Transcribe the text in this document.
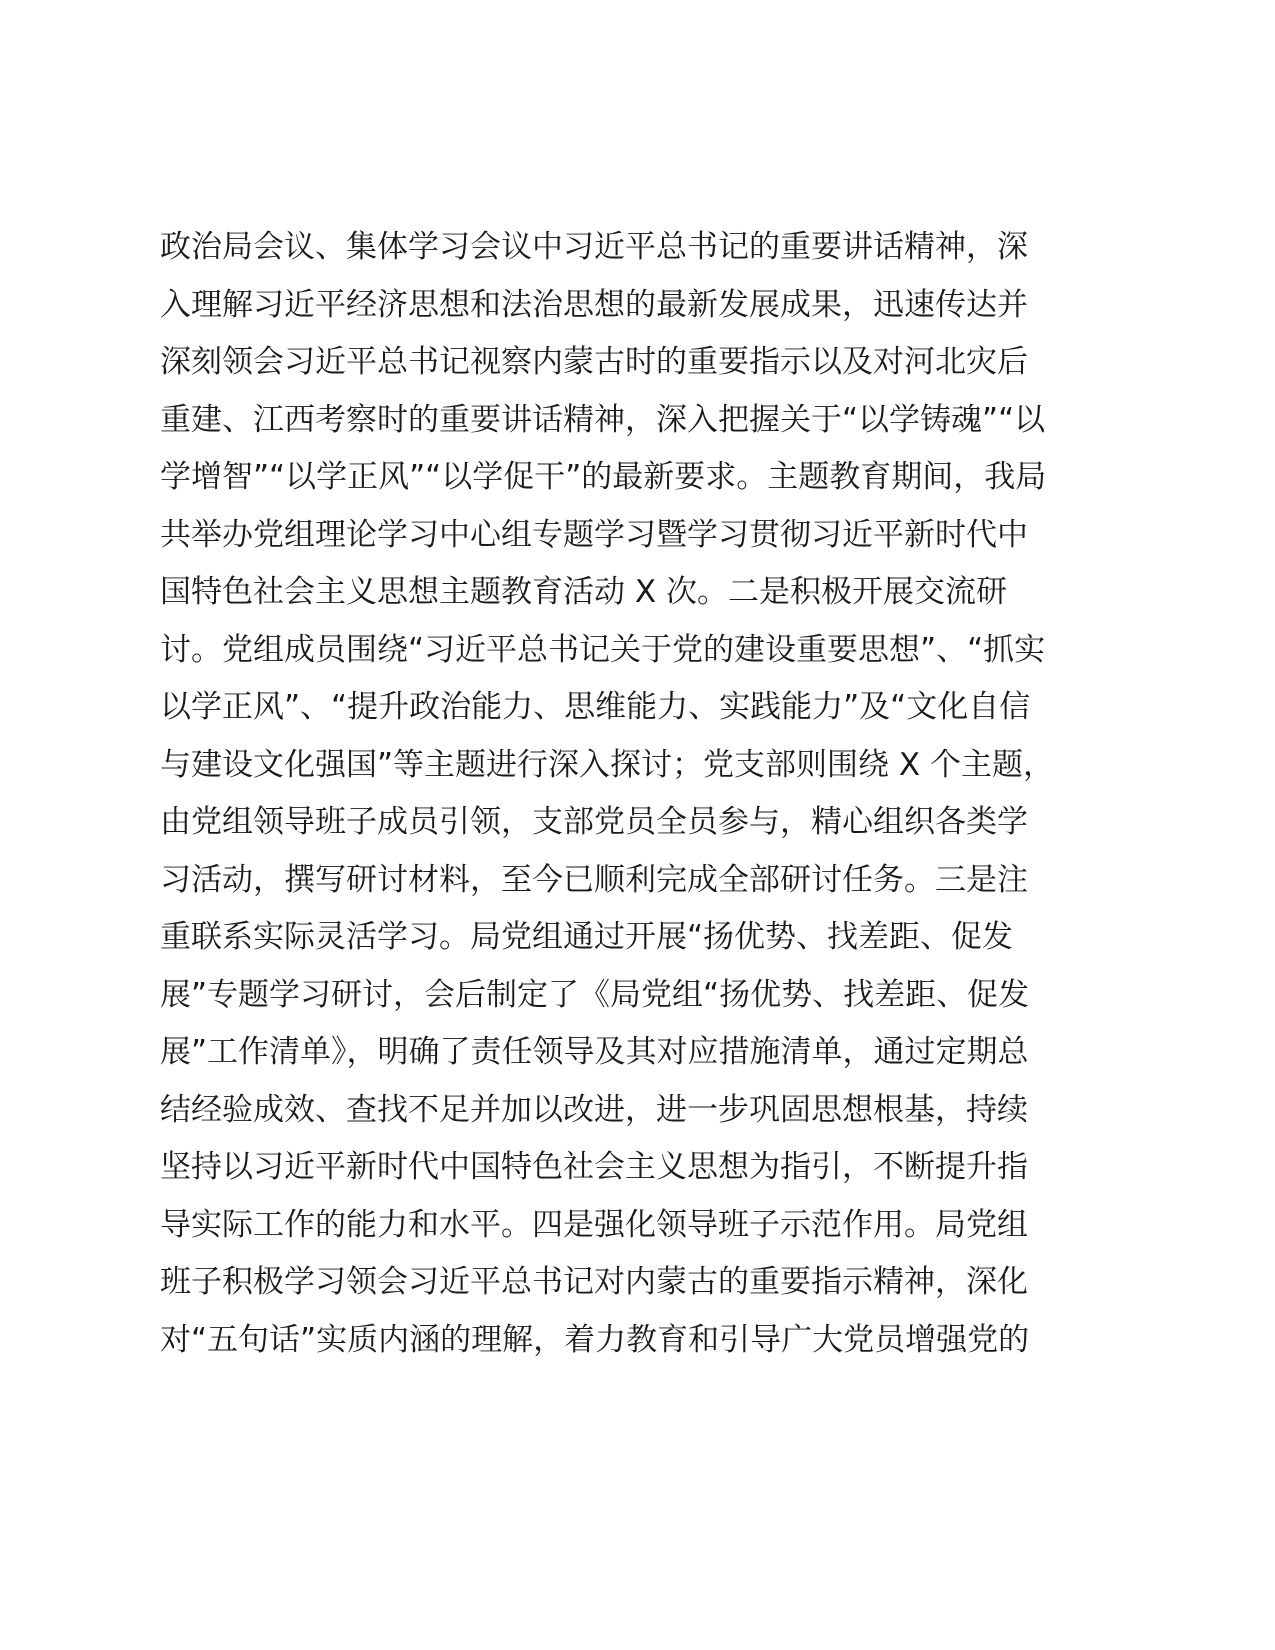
政治局会议、集体学习会议中习近平总书记的重要讲话精神，深
入理解习近平经济思想和法治思想的最新发展成果，迅速传达并
深刻领会习近平总书记视察内蒙古时的重要指示以及对河北灾后
重建、江西考察时的重要讲话精神，深入把握关于“以学铸魂”“以
学增智”“以学正风”“以学促干”的最新要求。主题教育期间，我局
共举办党组理论学习中心组专题学习暨学习贯彻习近平新时代中
国特色社会主义思想主题教育活动 X 次。二是积极开展交流研
讨。党组成员围绕“习近平总书记关于党的建设重要思想”、“抓实
以学正风”、“提升政治能力、思维能力、实践能力”及“文化自信
与建设文化强国”等主题进行深入探讨；党支部则围绕 X 个主题，
由党组领导班子成员引领，支部党员全员参与，精心组织各类学
习活动，撰写研讨材料，至今已顺利完成全部研讨任务。三是注
重联系实际灵活学习。局党组通过开展“扬优势、找差距、促发
展”专题学习研讨，会后制定了《局党组“扬优势、找差距、促发
展”工作清单》，明确了责任领导及其对应措施清单，通过定期总
结经验成效、查找不足并加以改进，进一步巩固思想根基，持续
坚持以习近平新时代中国特色社会主义思想为指引，不断提升指
导实际工作的能力和水平。四是强化领导班子示范作用。局党组
班子积极学习领会习近平总书记对内蒙古的重要指示精神，深化
对“五句话”实质内涵的理解，着力教育和引导广大党员增强党的
